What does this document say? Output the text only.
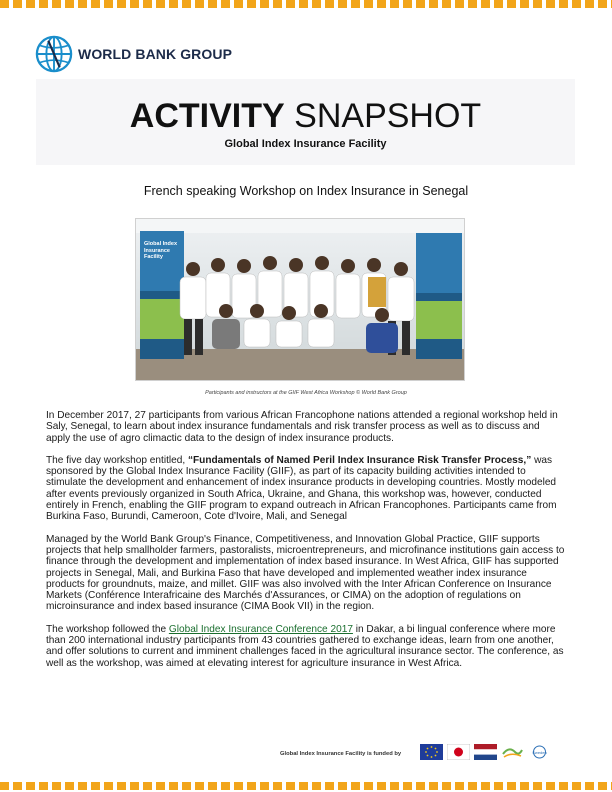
WORLD BANK GROUP
ACTIVITY SNAPSHOT
Global Index Insurance Facility
French speaking Workshop on Index Insurance in Senegal
Global Index Insurance Facility
Participants and instructors at the GIIF West Africa Workshop © World Bank Group

In December 2017, 27 participants from various African Francophone nations attended a regional workshop held in Saly, Senegal, to learn about index insurance fundamentals and risk transfer process as well as to discuss and apply the use of agro climactic data to the design of index insurance products.

The five day workshop entitled, “Fundamentals of Named Peril Index Insurance Risk Transfer Process,” was sponsored by the Global Index Insurance Facility (GIIF), as part of its capacity building activities intended to stimulate the development and enhancement of index insurance products in developing countries. Mostly modeled after events previously organized in South Africa, Ukraine, and Ghana, this workshop was, however, conducted entirely in French, enabling the GIIF program to expand outreach in African Francophones. Participants came from Burkina Faso, Burundi, Cameroon, Cote d'Ivoire, Mali, and Senegal

Managed by the World Bank Group's Finance, Competitiveness, and Innovation Global Practice, GIIF supports projects that help smallholder farmers, pastoralists, microentrepreneurs, and microfinance institutions gain access to finance through the development and implementation of index based insurance. In West Africa, GIIF has supported projects in Senegal, Mali, and Burkina Faso that have developed and implemented weather index insurance products for groundnuts, maize, and millet. GIIF was also involved with the Inter African Conference on Insurance Markets (Conférence Interafricaine des Marchés d'Assurances, or CIMA) on the adoption of regulations on microinsurance and index based insurance (CIMA Book VII) in the region.

The workshop followed the Global Index Insurance Conference 2017 in Dakar, a bi lingual conference where more than 200 international industry participants from 43 countries gathered to exchange ideas, learn from one another, and offer solutions to current and imminent challenges faced in the agricultural insurance sector. The conference, as well as the workshop, was aimed at elevating interest for agriculture insurance in West Africa.

Global Index Insurance Facility is funded by	Sweden
